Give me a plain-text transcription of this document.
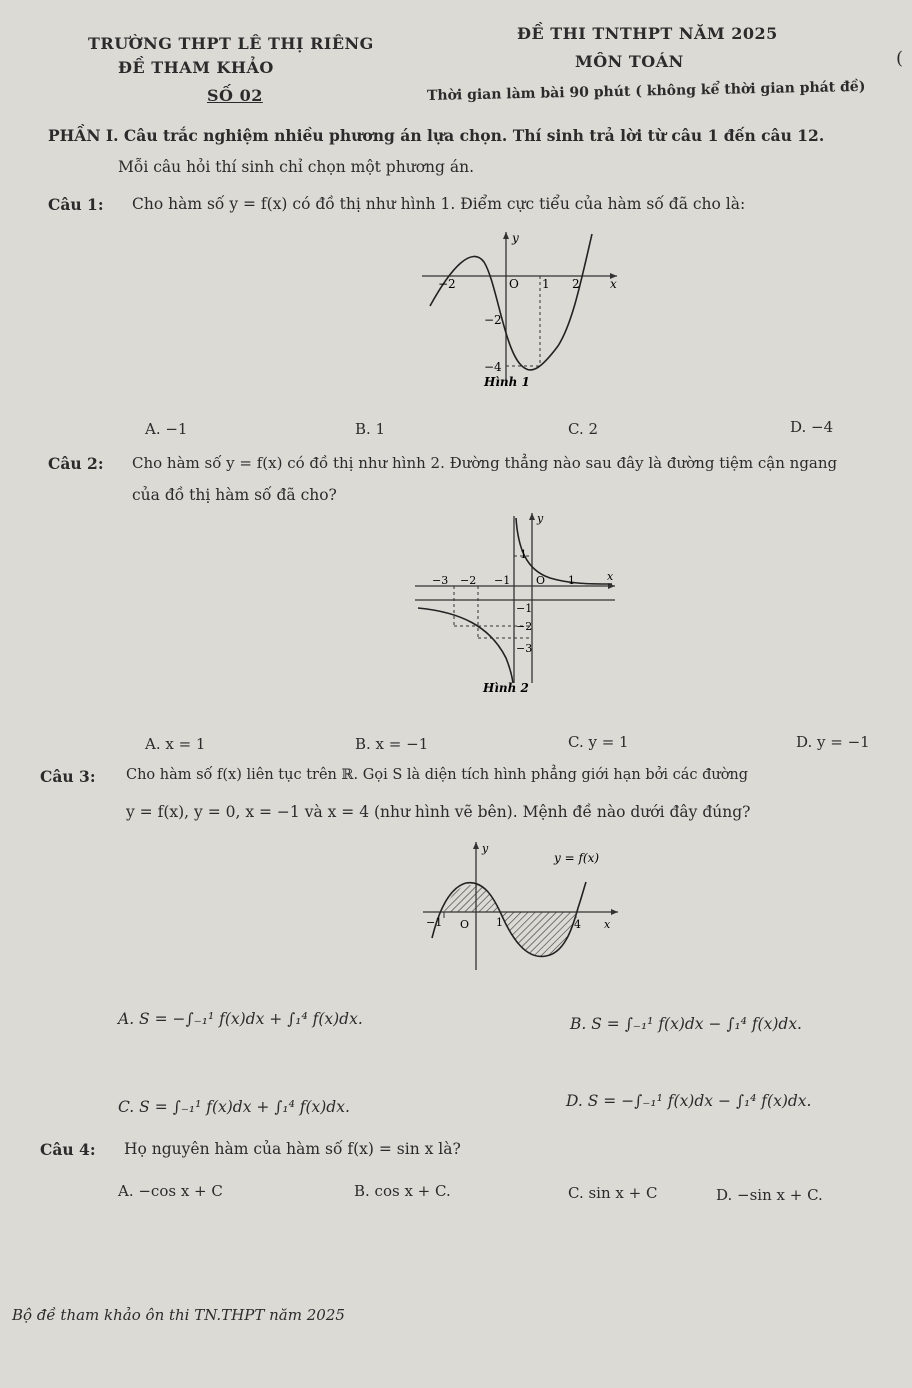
TRƯỜNG THPT LÊ THỊ RIÊNG
ĐỀ THI TNTHPT NĂM 2025
ĐỀ THAM KHẢO	MÔN TOÁN	(
SỐ 02	Thời gian làm bài 90 phút ( không kể thời gian phát đề)
PHẦN I. Câu trắc nghiệm nhiều phương án lựa chọn. Thí sinh trả lời từ câu 1 đến câu 12.
Mỗi câu hỏi thí sinh chỉ chọn một phương án.
Câu 1: Cho hàm số y = f(x) có đồ thị như hình 1. Điểm cực tiểu của hàm số đã cho là:
y
x
−2	O 1 2
−2
−4
Hình 1
A. −1	B. 1	C. 2	D. −4
Câu 2: Cho hàm số y = f(x) có đồ thị như hình 2. Đường thẳng nào sau đây là đường tiệm cận ngang
của đồ thị hàm số đã cho?
y
x
1
−3 −2 −1 O 1
−1
−2
−3
Hình 2
A. x = 1	B. x = −1	C. y = 1	D. y = −1
Câu 3: Cho hàm số f(x) liên tục trên ℝ. Gọi S là diện tích hình phẳng giới hạn bởi các đường
y = f(x), y = 0, x = −1 và x = 4 (như hình vẽ bên). Mệnh đề nào dưới đây đúng?
y
y = f(x)
x
−1 O 1	4
A. S = −∫₋₁¹ f(x)dx + ∫₁⁴ f(x)dx.	B. S = ∫₋₁¹ f(x)dx − ∫₁⁴ f(x)dx.
C. S = ∫₋₁¹ f(x)dx + ∫₁⁴ f(x)dx.	D. S = −∫₋₁¹ f(x)dx − ∫₁⁴ f(x)dx.
Câu 4: Họ nguyên hàm của hàm số f(x) = sin x là?
A. −cos x + C	B. cos x + C.	C. sin x + C	D. −sin x + C.
Bộ đề tham khảo ôn thi TN.THPT năm 2025
